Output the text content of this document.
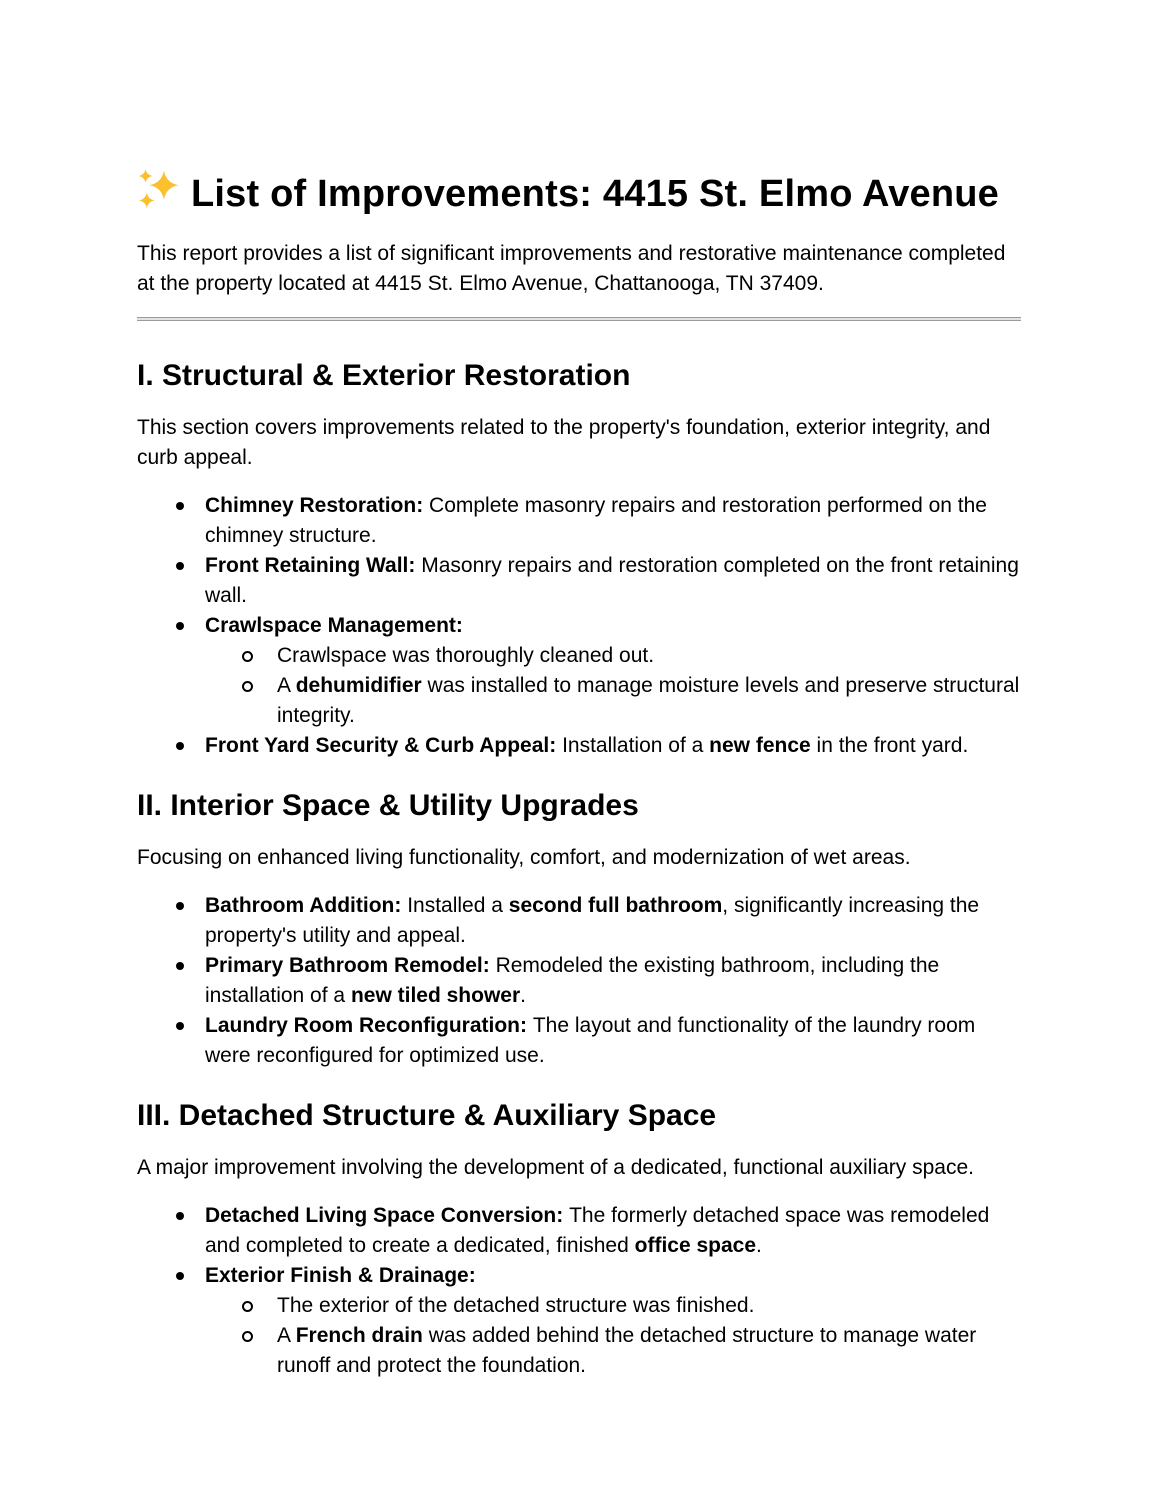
List of Improvements: 4415 St. Elmo Avenue

This report provides a list of significant improvements and restorative maintenance completed at the property located at 4415 St. Elmo Avenue, Chattanooga, TN 37409.

I. Structural & Exterior Restoration

This section covers improvements related to the property's foundation, exterior integrity, and curb appeal.

Chimney Restoration: Complete masonry repairs and restoration performed on the chimney structure.
Front Retaining Wall: Masonry repairs and restoration completed on the front retaining wall.
Crawlspace Management:
Crawlspace was thoroughly cleaned out.
A dehumidifier was installed to manage moisture levels and preserve structural integrity.
Front Yard Security & Curb Appeal: Installation of a new fence in the front yard.
II. Interior Space & Utility Upgrades

Focusing on enhanced living functionality, comfort, and modernization of wet areas.

Bathroom Addition: Installed a second full bathroom, significantly increasing the property's utility and appeal.
Primary Bathroom Remodel: Remodeled the existing bathroom, including the installation of a new tiled shower.
Laundry Room Reconfiguration: The layout and functionality of the laundry room were reconfigured for optimized use.
III. Detached Structure & Auxiliary Space

A major improvement involving the development of a dedicated, functional auxiliary space.

Detached Living Space Conversion: The formerly detached space was remodeled and completed to create a dedicated, finished office space.
Exterior Finish & Drainage:
The exterior of the detached structure was finished.
A French drain was added behind the detached structure to manage water runoff and protect the foundation.
